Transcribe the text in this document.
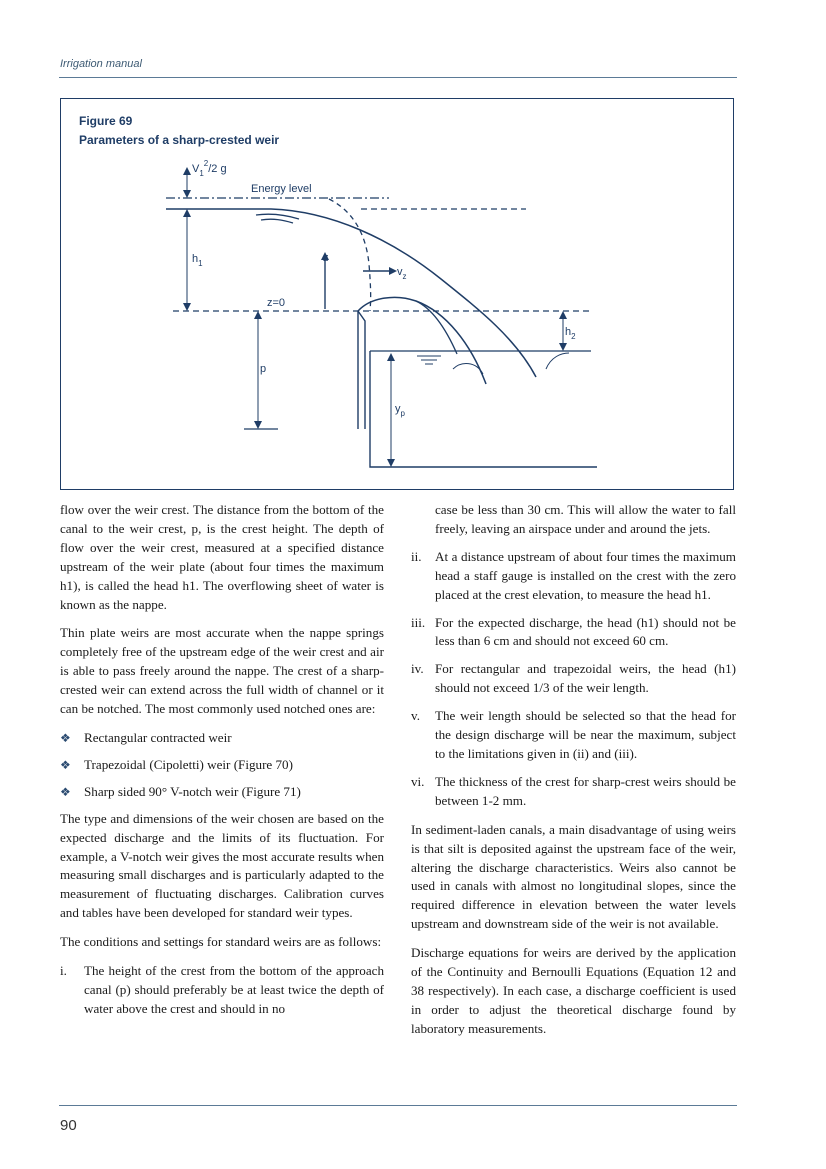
Irrigation manual
Figure 69
Parameters of a sharp-crested weir
$V_1^2/2$ g
Energy level
$h_1$	z
$v_z$
z=0
$h_2$
p
$y_p$

flow over the weir crest. The distance from the bottom of the canal to the weir crest, p, is the crest height. The depth of flow over the weir crest, measured at a specified distance upstream of the weir plate (about four times the maximum h1), is called the head h1. The overflowing sheet of water is known as the nappe.

Thin plate weirs are most accurate when the nappe springs completely free of the upstream edge of the weir crest and air is able to pass freely around the nappe. The crest of a sharp-crested weir can extend across the full width of channel or it can be notched. The most commonly used notched ones are:

❖ Rectangular contracted weir
❖ Trapezoidal (Cipoletti) weir (Figure 70)
❖ Sharp sided 90° V-notch weir (Figure 71)

The type and dimensions of the weir chosen are based on the expected discharge and the limits of its fluctuation. For example, a V-notch weir gives the most accurate results when measuring small discharges and is particularly adapted to the measurement of fluctuating discharges. Calibration curves and tables have been developed for standard weir types.

The conditions and settings for standard weirs are as follows:

i. The height of the crest from the bottom of the approach canal (p) should preferably be at least twice the depth of water above the crest and should in no
case be less than 30 cm. This will allow the water to fall freely, leaving an airspace under and around the jets.
ii. At a distance upstream of about four times the maximum head a staff gauge is installed on the crest with the zero placed at the crest elevation, to measure the head h1.
iii. For the expected discharge, the head (h1) should not be less than 6 cm and should not exceed 60 cm.
iv. For rectangular and trapezoidal weirs, the head (h1) should not exceed 1/3 of the weir length.
v. The weir length should be selected so that the head for the design discharge will be near the maximum, subject to the limitations given in (ii) and (iii).
vi. The thickness of the crest for sharp-crest weirs should be between 1-2 mm.

In sediment-laden canals, a main disadvantage of using weirs is that silt is deposited against the upstream face of the weir, altering the discharge characteristics. Weirs also cannot be used in canals with almost no longitudinal slopes, since the required difference in elevation between the water levels upstream and downstream side of the weir is not available.

Discharge equations for weirs are derived by the application of the Continuity and Bernoulli Equations (Equation 12 and 38 respectively). In each case, a discharge coefficient is used in order to adjust the theoretical discharge found by laboratory measurements.

90
